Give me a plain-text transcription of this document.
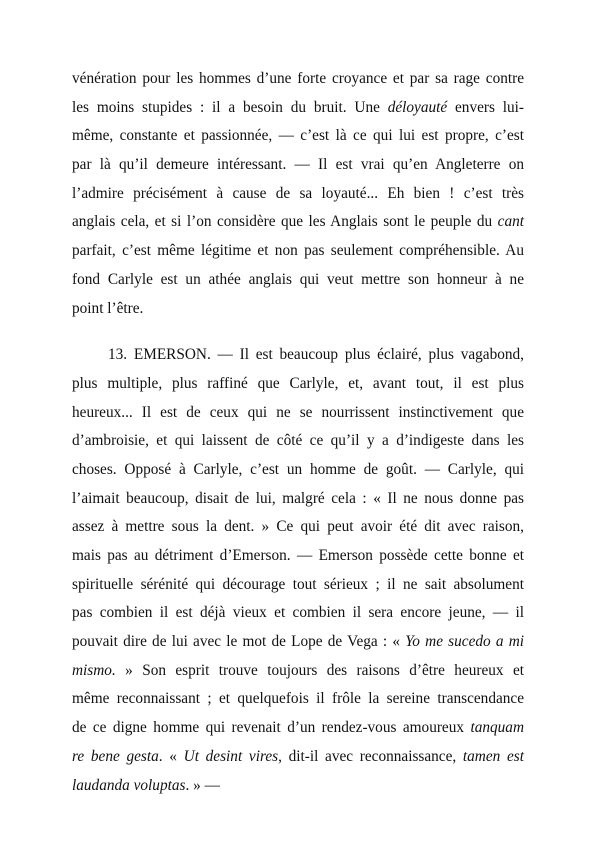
vénération pour les hommes d’une forte croyance et par sa rage contre
les moins stupides : il a besoin du bruit. Une déloyauté envers lui-
même, constante et passionnée, — c’est là ce qui lui est propre, c’est
par là qu’il demeure intéressant. — Il est vrai qu’en Angleterre on
l’admire précisément à cause de sa loyauté... Eh bien ! c’est très
anglais cela, et si l’on considère que les Anglais sont le peuple du cant
parfait, c’est même légitime et non pas seulement compréhensible. Au
fond Carlyle est un athée anglais qui veut mettre son honneur à ne
point l’être.
13. EMERSON. — Il est beaucoup plus éclairé, plus vagabond,
plus multiple, plus raffiné que Carlyle, et, avant tout, il est plus
heureux... Il est de ceux qui ne se nourrissent instinctivement que
d’ambroisie, et qui laissent de côté ce qu’il y a d’indigeste dans les
choses. Opposé à Carlyle, c’est un homme de goût. — Carlyle, qui
l’aimait beaucoup, disait de lui, malgré cela : « Il ne nous donne pas
assez à mettre sous la dent. » Ce qui peut avoir été dit avec raison,
mais pas au détriment d’Emerson. — Emerson possède cette bonne et
spirituelle sérénité qui décourage tout sérieux ; il ne sait absolument
pas combien il est déjà vieux et combien il sera encore jeune, — il
pouvait dire de lui avec le mot de Lope de Vega : « Yo me sucedo a mi
mismo. » Son esprit trouve toujours des raisons d’être heureux et
même reconnaissant ; et quelquefois il frôle la sereine transcendance
de ce digne homme qui revenait d’un rendez-vous amoureux tanquam
re bene gesta. « Ut desint vires, dit-il avec reconnaissance, tamen est
laudanda voluptas. » —
